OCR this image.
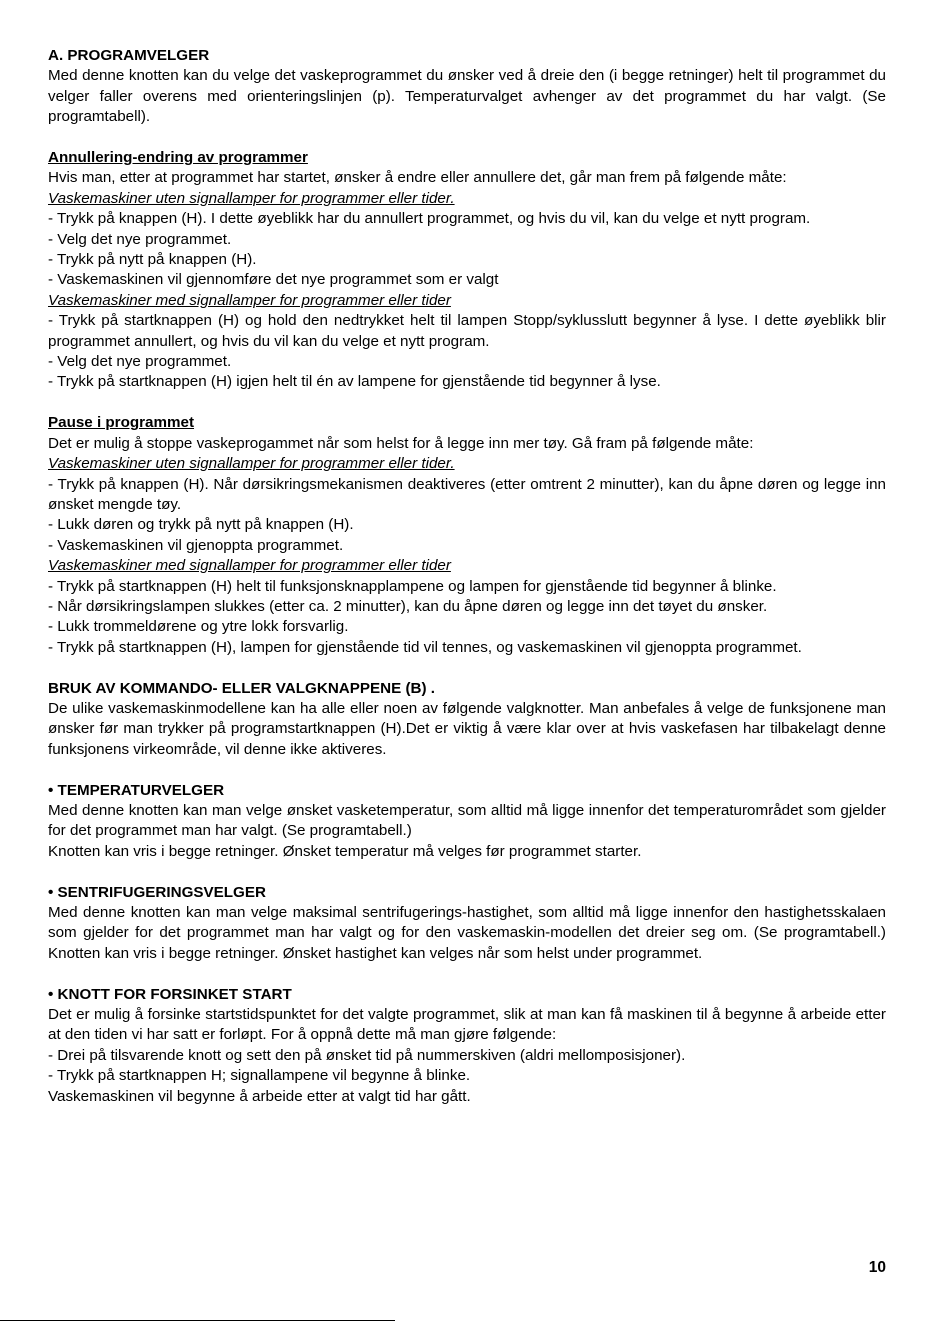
A. PROGRAMVELGER

Med denne knotten kan du velge det vaskeprogrammet du ønsker ved å dreie den (i begge retninger) helt til programmet du velger faller overens med orienteringslinjen (p). Temperaturvalget avhenger av det programmet du har valgt. (Se programtabell).

Annullering-endring av programmer

Hvis man, etter at programmet har startet, ønsker å endre eller annullere det, går man frem på følgende måte:

Vaskemaskiner uten signallamper for programmer eller tider.

- Trykk på knappen (H). I dette øyeblikk har du annullert programmet, og hvis du vil, kan du velge et nytt program.

- Velg det nye programmet.

- Trykk på nytt på knappen (H).

- Vaskemaskinen vil gjennomføre det nye programmet som er valgt

Vaskemaskiner med signallamper for programmer eller tider

- Trykk på startknappen (H) og hold den nedtrykket helt til lampen Stopp/syklusslutt begynner å lyse. I dette øyeblikk blir programmet annullert, og hvis du vil kan du velge et nytt program.

- Velg det nye programmet.

- Trykk på startknappen (H) igjen helt til én av lampene for gjenstående tid begynner å lyse.

Pause i programmet

Det er mulig å stoppe vaskeprogammet når som helst for å legge inn mer tøy. Gå fram på følgende måte:

Vaskemaskiner uten signallamper for programmer eller tider.

- Trykk på knappen (H). Når dørsikringsmekanismen deaktiveres (etter omtrent 2 minutter), kan du åpne døren og legge inn ønsket mengde tøy.

- Lukk døren og trykk på nytt på knappen (H).

- Vaskemaskinen vil gjenoppta programmet.

Vaskemaskiner med signallamper for programmer eller tider

- Trykk på startknappen (H) helt til funksjonsknapplampene og lampen for gjenstående tid begynner å blinke.

- Når dørsikringslampen slukkes (etter ca. 2 minutter), kan du åpne døren og legge inn det tøyet du ønsker.

- Lukk trommeldørene og ytre lokk forsvarlig.

- Trykk på startknappen (H), lampen for gjenstående tid vil tennes, og vaskemaskinen vil gjenoppta programmet.

BRUK AV KOMMANDO- ELLER VALGKNAPPENE (B) .

De ulike vaskemaskinmodellene kan ha alle eller noen av følgende valgknotter. Man anbefales å velge de funksjonene man ønsker før man trykker på programstartknappen (H).Det er viktig å være klar over at hvis vaskefasen har tilbakelagt denne funksjonens virkeområde, vil denne ikke aktiveres.

• TEMPERATURVELGER

Med denne knotten kan man velge ønsket vasketemperatur, som alltid må ligge innenfor det temperaturområdet som gjelder for det programmet man har valgt. (Se programtabell.)

Knotten kan vris i begge retninger. Ønsket temperatur må velges før programmet starter.

• SENTRIFUGERINGSVELGER

Med denne knotten kan man velge maksimal sentrifugerings-hastighet, som alltid må ligge innenfor den hastighetsskalaen som gjelder for det programmet man har valgt og for den vaskemaskin-modellen det dreier seg om. (Se programtabell.) Knotten kan vris i begge retninger. Ønsket hastighet kan velges når som helst under programmet.

• KNOTT FOR FORSINKET START

Det er mulig å forsinke startstidspunktet for det valgte programmet, slik at man kan få maskinen til å begynne å arbeide etter at den tiden vi har satt er forløpt. For å oppnå dette må man gjøre følgende:

- Drei på tilsvarende knott og sett den på ønsket tid på nummerskiven (aldri mellomposisjoner).

- Trykk på startknappen H; signallampene vil begynne å blinke.

Vaskemaskinen vil begynne å arbeide etter at valgt tid har gått.

10
